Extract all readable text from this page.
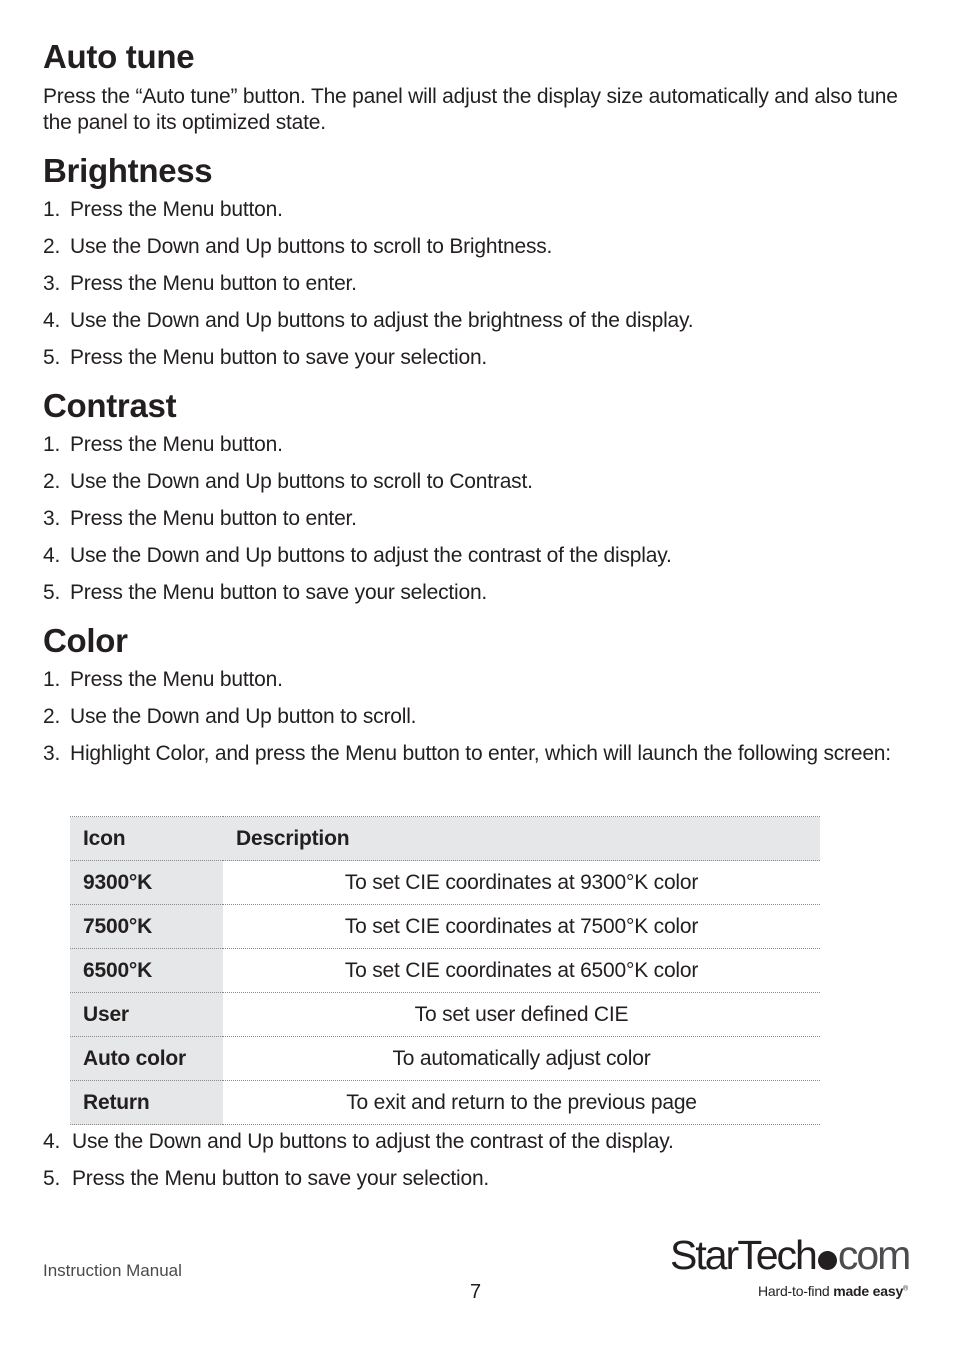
Auto tune

Press the “Auto tune” button. The panel will adjust the display size automatically and also tune the panel to its optimized state.

Brightness
1. Press the Menu button.
2. Use the Down and Up buttons to scroll to Brightness.
3. Press the Menu button to enter.
4. Use the Down and Up buttons to adjust the brightness of the display.
5. Press the Menu button to save your selection.
Contrast
1. Press the Menu button.
2. Use the Down and Up buttons to scroll to Contrast.
3. Press the Menu button to enter.
4. Use the Down and Up buttons to adjust the contrast of the display.
5. Press the Menu button to save your selection.
Color
1. Press the Menu button.
2. Use the Down and Up button to scroll.
3. Highlight Color, and press the Menu button to enter, which will launch the following screen:
Icon	Description
9300°K	To set CIE coordinates at 9300°K color
7500°K	To set CIE coordinates at 7500°K color
6500°K	To set CIE coordinates at 6500°K color
User	To set user defined CIE
Auto color	To automatically adjust color
Return	To exit and return to the previous page
4. Use the Down and Up buttons to adjust the contrast of the display.
5. Press the Menu button to save your selection.
Instruction Manual
7
StarTech com
Hard-to-find made easy®
